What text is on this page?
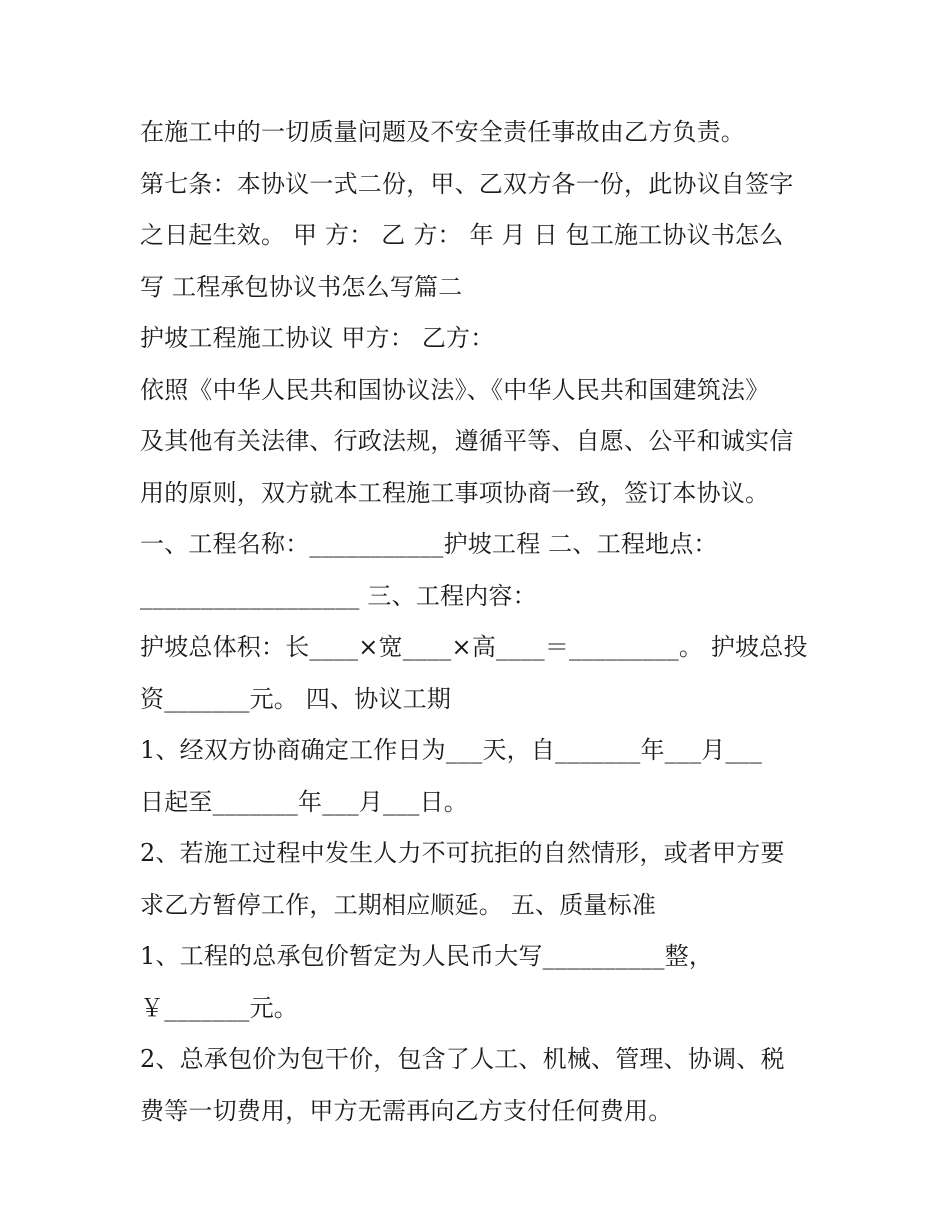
在施工中的一切质量问题及不安全责任事故由乙方负责。
第七条：本协议一式二份，甲、乙双方各一份，此协议自签字
之日起生效。 甲 方： 乙 方： 年 月 日 包工施工协议书怎么
写 工程承包协议书怎么写篇二
护坡工程施工协议 甲方： 乙方：
依照《中华人民共和国协议法》、《中华人民共和国建筑法》
及其他有关法律、行政法规，遵循平等、自愿、公平和诚实信
用的原则，双方就本工程施工事项协商一致，签订本协议。
一、工程名称：___________护坡工程 二、工程地点：
__________________ 三、工程内容：
护坡总体积：长____×宽____×高____＝_________。 护坡总投
资_______元。 四、协议工期
1、经双方协商确定工作日为___天，自_______年___月___
日起至_______年___月___日。
2、若施工过程中发生人力不可抗拒的自然情形，或者甲方要
求乙方暂停工作，工期相应顺延。 五、质量标准
1、工程的总承包价暂定为人民币大写__________整，
￥_______元。
2、总承包价为包干价，包含了人工、机械、管理、协调、税
费等一切费用，甲方无需再向乙方支付任何费用。
